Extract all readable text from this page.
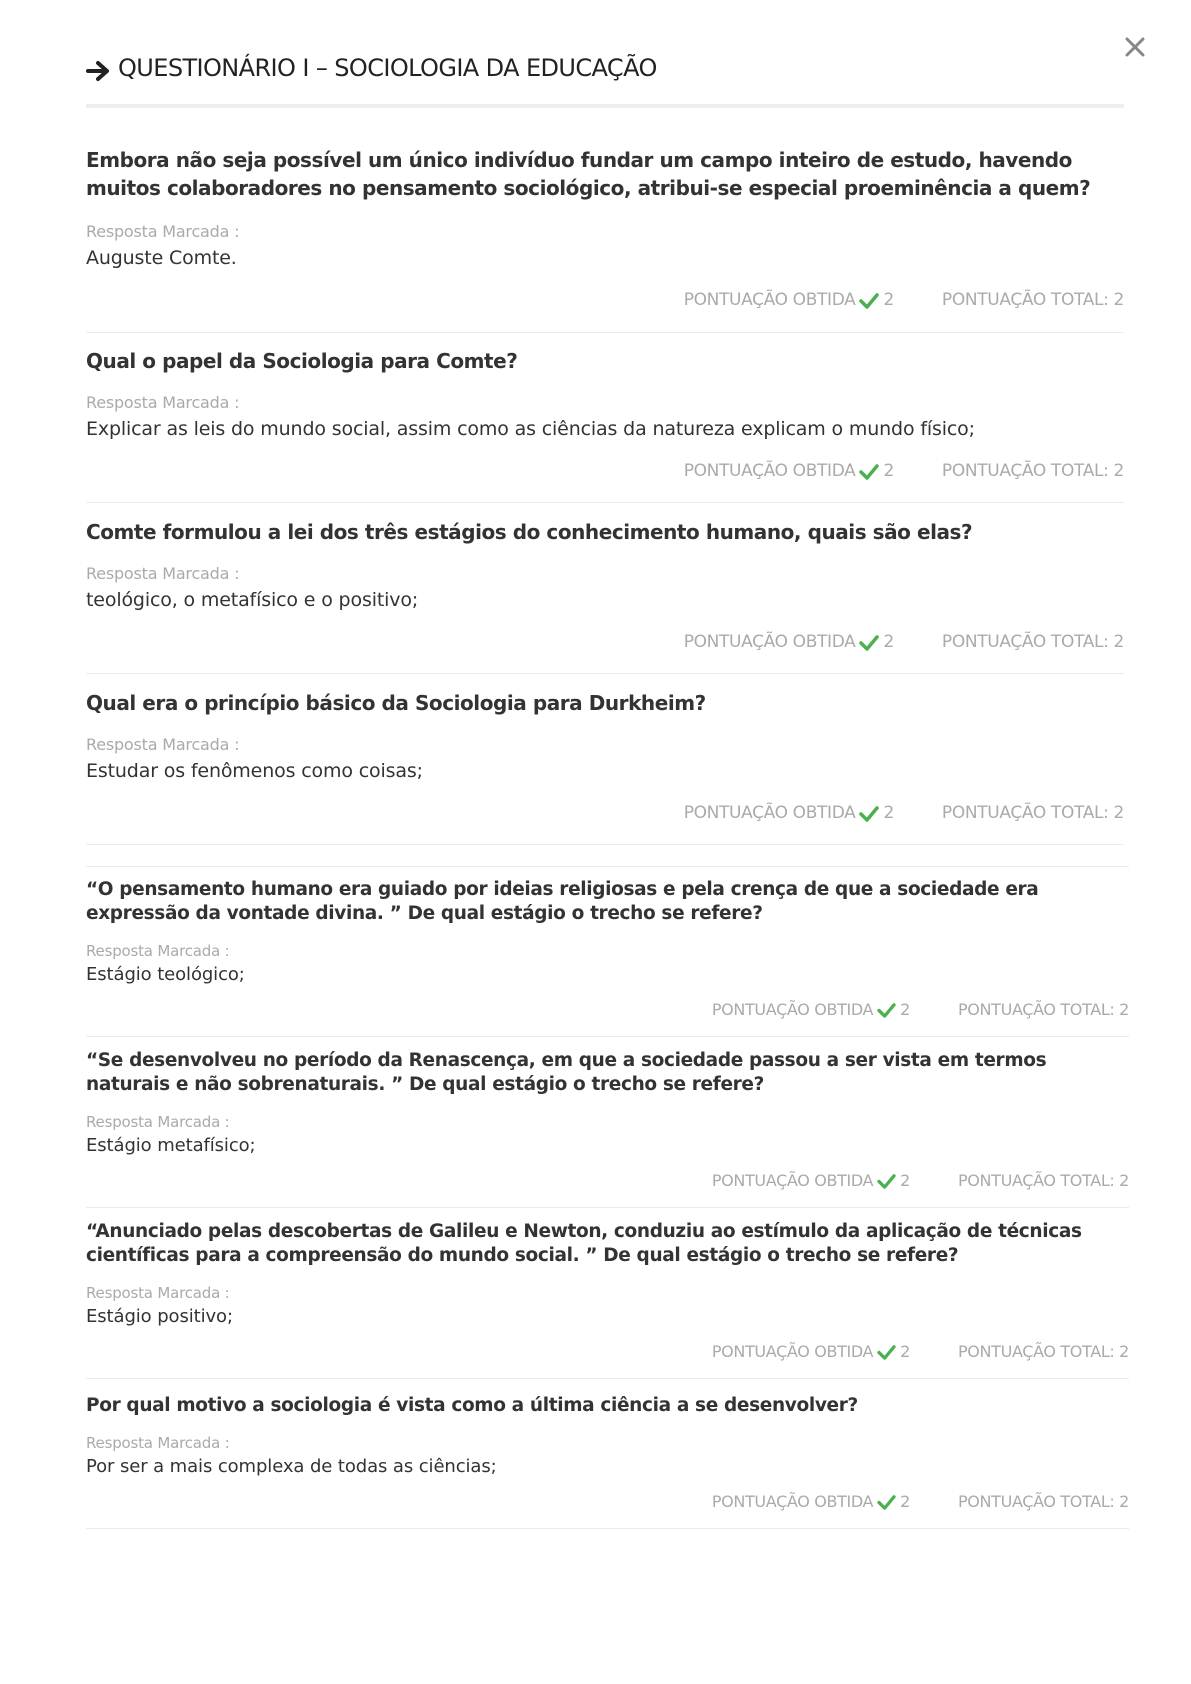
QUESTIONÁRIO I – SOCIOLOGIA DA EDUCAÇÃO
Embora não seja possível um único indivíduo fundar um campo inteiro de estudo, havendo muitos colaboradores no pensamento sociológico, atribui-se especial proeminência a quem?
Resposta Marcada :
Auguste Comte.
PONTUAÇÃO OBTIDA 2	PONTUAÇÃO TOTAL: 2
Qual o papel da Sociologia para Comte?
Resposta Marcada :
Explicar as leis do mundo social, assim como as ciências da natureza explicam o mundo físico;
PONTUAÇÃO OBTIDA 2	PONTUAÇÃO TOTAL: 2
Comte formulou a lei dos três estágios do conhecimento humano, quais são elas?
Resposta Marcada :
teológico, o metafísico e o positivo;
PONTUAÇÃO OBTIDA 2	PONTUAÇÃO TOTAL: 2
Qual era o princípio básico da Sociologia para Durkheim?
Resposta Marcada :
Estudar os fenômenos como coisas;
PONTUAÇÃO OBTIDA 2	PONTUAÇÃO TOTAL: 2
“O pensamento humano era guiado por ideias religiosas e pela crença de que a sociedade era expressão da vontade divina. ” De qual estágio o trecho se refere?
Resposta Marcada :
Estágio teológico;
PONTUAÇÃO OBTIDA 2	PONTUAÇÃO TOTAL: 2
“Se desenvolveu no período da Renascença, em que a sociedade passou a ser vista em termos naturais e não sobrenaturais. ” De qual estágio o trecho se refere?
Resposta Marcada :
Estágio metafísico;
PONTUAÇÃO OBTIDA 2	PONTUAÇÃO TOTAL: 2
“Anunciado pelas descobertas de Galileu e Newton, conduziu ao estímulo da aplicação de técnicas científicas para a compreensão do mundo social. ” De qual estágio o trecho se refere?
Resposta Marcada :
Estágio positivo;
PONTUAÇÃO OBTIDA 2	PONTUAÇÃO TOTAL: 2
Por qual motivo a sociologia é vista como a última ciência a se desenvolver?
Resposta Marcada :
Por ser a mais complexa de todas as ciências;
PONTUAÇÃO OBTIDA 2	PONTUAÇÃO TOTAL: 2
